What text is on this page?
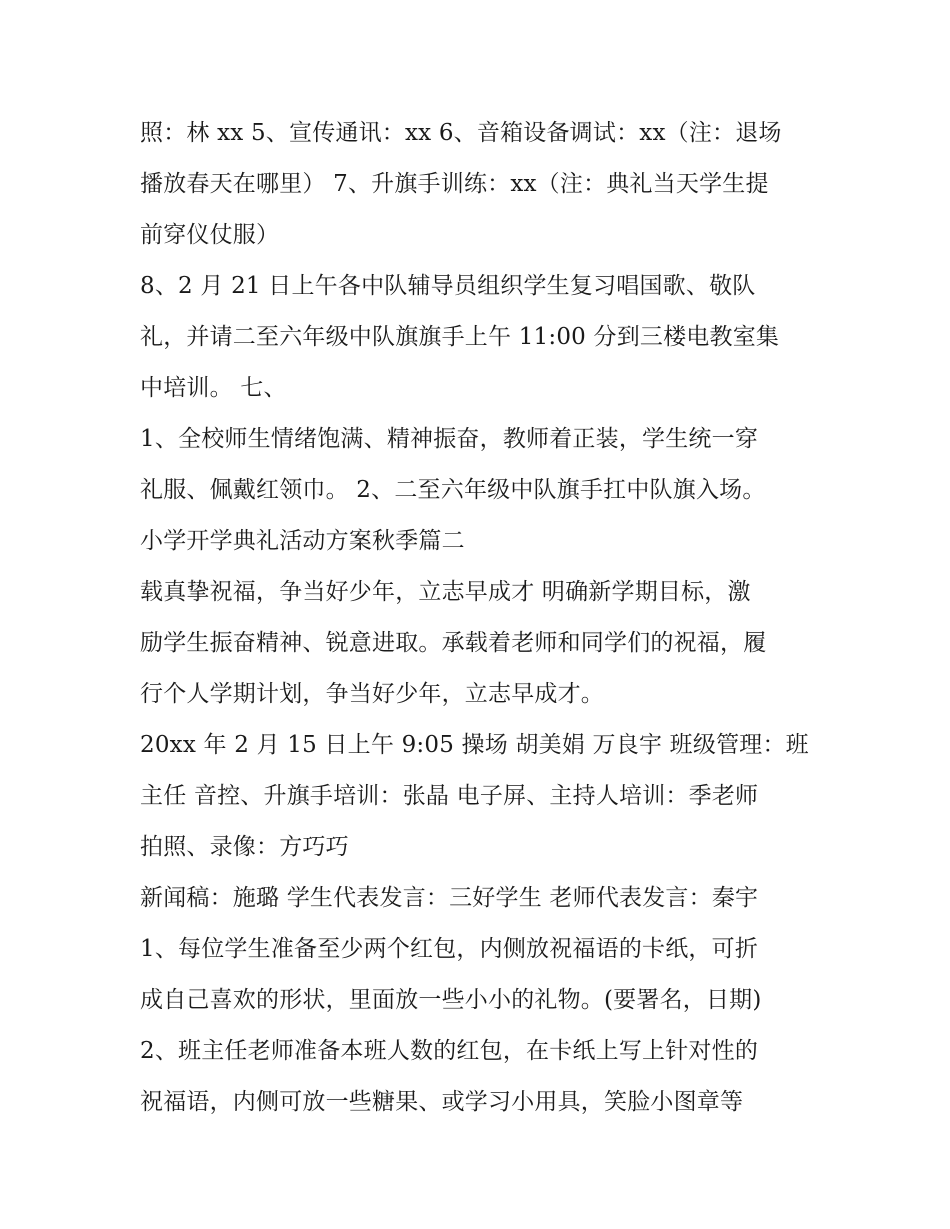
照：林 xx 5、宣传通讯：xx 6、音箱设备调试：xx（注：退场
播放春天在哪里） 7、升旗手训练：xx（注：典礼当天学生提
前穿仪仗服）
8、2 月 21 日上午各中队辅导员组织学生复习唱国歌、敬队
礼，并请二至六年级中队旗旗手上午 11:00 分到三楼电教室集
中培训。 七、
1、全校师生情绪饱满、精神振奋，教师着正装，学生统一穿
礼服、佩戴红领巾。 2、二至六年级中队旗手扛中队旗入场。
小学开学典礼活动方案秋季篇二
载真挚祝福，争当好少年，立志早成才 明确新学期目标，激
励学生振奋精神、锐意进取。承载着老师和同学们的祝福，履
行个人学期计划，争当好少年，立志早成才。
20xx 年 2 月 15 日上午 9:05 操场 胡美娟 万良宇 班级管理：班
主任 音控、升旗手培训：张晶 电子屏、主持人培训：季老师
拍照、录像：方巧巧
新闻稿：施璐 学生代表发言：三好学生 老师代表发言：秦宇
1、每位学生准备至少两个红包，内侧放祝福语的卡纸，可折
成自己喜欢的形状，里面放一些小小的礼物。(要署名，日期)
2、班主任老师准备本班人数的红包，在卡纸上写上针对性的
祝福语，内侧可放一些糖果、或学习小用具，笑脸小图章等
